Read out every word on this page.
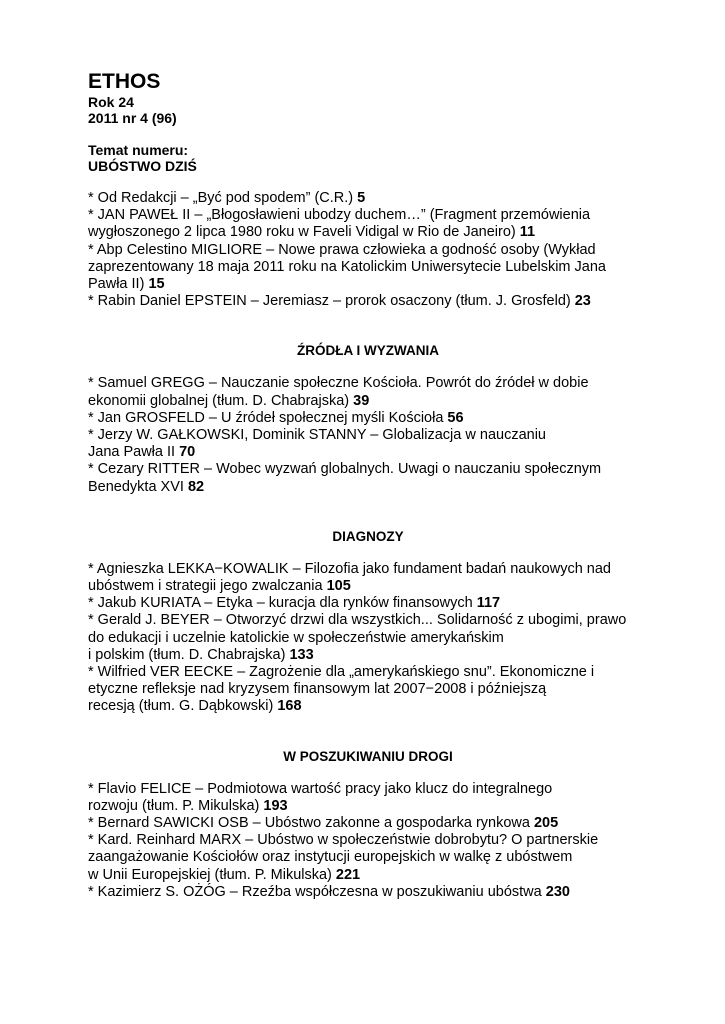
ETHOS
Rok 24
2011 nr 4 (96)
Temat numeru:
UBÓSTWO DZIŚ

* Od Redakcji – „Być pod spodem” (C.R.) 5

* JAN PAWEŁ II – „Błogosławieni ubodzy duchem…” (Fragment przemówienia
wygłoszonego 2 lipca 1980 roku w Faveli Vidigal w Rio de Janeiro) 11

* Abp Celestino MIGLIORE – Nowe prawa człowieka a godność osoby (Wykład
zaprezentowany 18 maja 2011 roku na Katolickim Uniwersytecie Lubelskim Jana
Pawła II) 15

* Rabin Daniel EPSTEIN – Jeremiasz – prorok osaczony (tłum. J. Grosfeld) 23

ŹRÓDŁA I WYZWANIA

* Samuel GREGG – Nauczanie społeczne Kościoła. Powrót do źródeł w dobie
ekonomii globalnej (tłum. D. Chabrajska) 39

* Jan GROSFELD – U źródeł społecznej myśli Kościoła 56

* Jerzy W. GAŁKOWSKI, Dominik STANNY – Globalizacja w nauczaniu
Jana Pawła II 70

* Cezary RITTER – Wobec wyzwań globalnych. Uwagi o nauczaniu społecznym
Benedykta XVI 82

DIAGNOZY

* Agnieszka LEKKA−KOWALIK – Filozofia jako fundament badań naukowych nad
ubóstwem i strategii jego zwalczania 105

* Jakub KURIATA – Etyka – kuracja dla rynków finansowych 117

* Gerald J. BEYER – Otworzyć drzwi dla wszystkich... Solidarność z ubogimi, prawo
do edukacji i uczelnie katolickie w społeczeństwie amerykańskim
i polskim (tłum. D. Chabrajska) 133

* Wilfried VER EECKE – Zagrożenie dla „amerykańskiego snu”. Ekonomiczne i
etyczne refleksje nad kryzysem finansowym lat 2007−2008 i późniejszą
recesją (tłum. G. Dąbkowski) 168

W POSZUKIWANIU DROGI

* Flavio FELICE – Podmiotowa wartość pracy jako klucz do integralnego
rozwoju (tłum. P. Mikulska) 193

* Bernard SAWICKI OSB – Ubóstwo zakonne a gospodarka rynkowa 205

* Kard. Reinhard MARX – Ubóstwo w społeczeństwie dobrobytu? O partnerskie
zaangażowanie Kościołów oraz instytucji europejskich w walkę z ubóstwem
w Unii Europejskiej (tłum. P. Mikulska) 221

* Kazimierz S. OŻÓG – Rzeźba współczesna w poszukiwaniu ubóstwa 230
